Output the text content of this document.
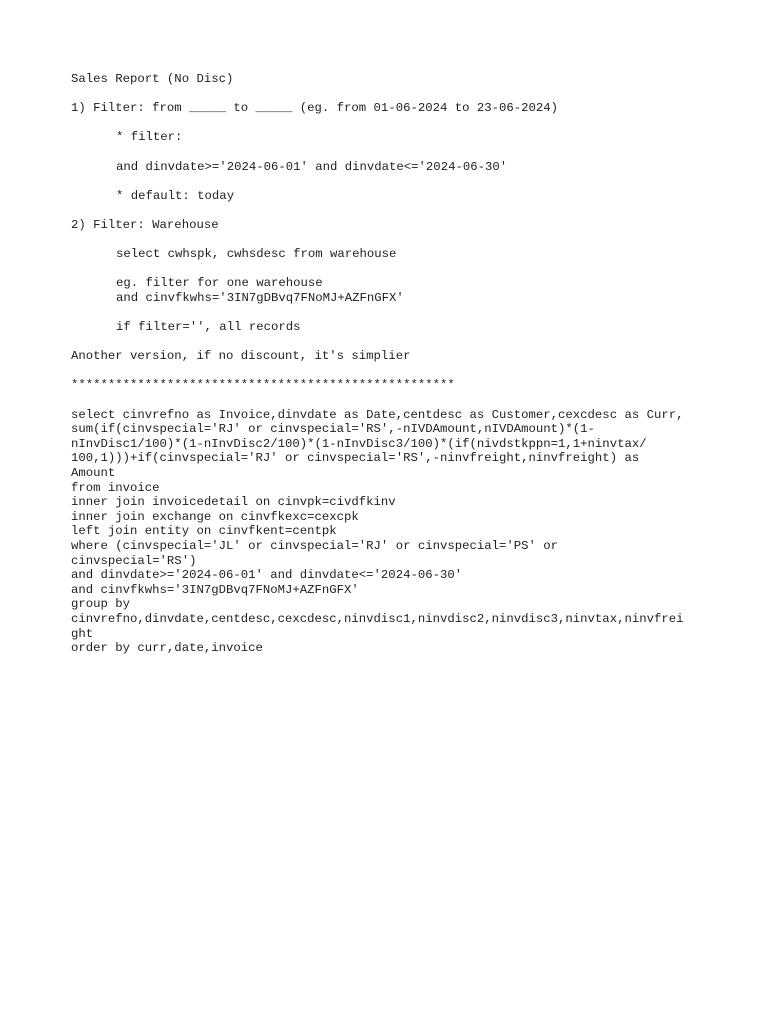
Sales Report (No Disc)

1) Filter: from _____ to _____ (eg. from 01-06-2024 to 23-06-2024)

* filter:

and dinvdate>='2024-06-01' and dinvdate<='2024-06-30'

* default: today

2) Filter: Warehouse

select cwhspk, cwhsdesc from warehouse

eg. filter for one warehouse

and cinvfkwhs='3IN7gDBvq7FNoMJ+AZFnGFX'

if filter='', all records

Another version, if no discount, it's simplier

****************************************************

select cinvrefno as Invoice,dinvdate as Date,centdesc as Customer,cexcdesc as Curr,

sum(if(cinvspecial='RJ' or cinvspecial='RS',-nIVDAmount,nIVDAmount)*(1-

nInvDisc1/100)*(1-nInvDisc2/100)*(1-nInvDisc3/100)*(if(nivdstkppn=1,1+ninvtax/

100,1)))+if(cinvspecial='RJ' or cinvspecial='RS',-ninvfreight,ninvfreight) as

Amount

from invoice

inner join invoicedetail on cinvpk=civdfkinv

inner join exchange on cinvfkexc=cexcpk

left join entity on cinvfkent=centpk

where (cinvspecial='JL' or cinvspecial='RJ' or cinvspecial='PS' or

cinvspecial='RS')

and dinvdate>='2024-06-01' and dinvdate<='2024-06-30'

and cinvfkwhs='3IN7gDBvq7FNoMJ+AZFnGFX'

group by

cinvrefno,dinvdate,centdesc,cexcdesc,ninvdisc1,ninvdisc2,ninvdisc3,ninvtax,ninvfrei

ght

order by curr,date,invoice
